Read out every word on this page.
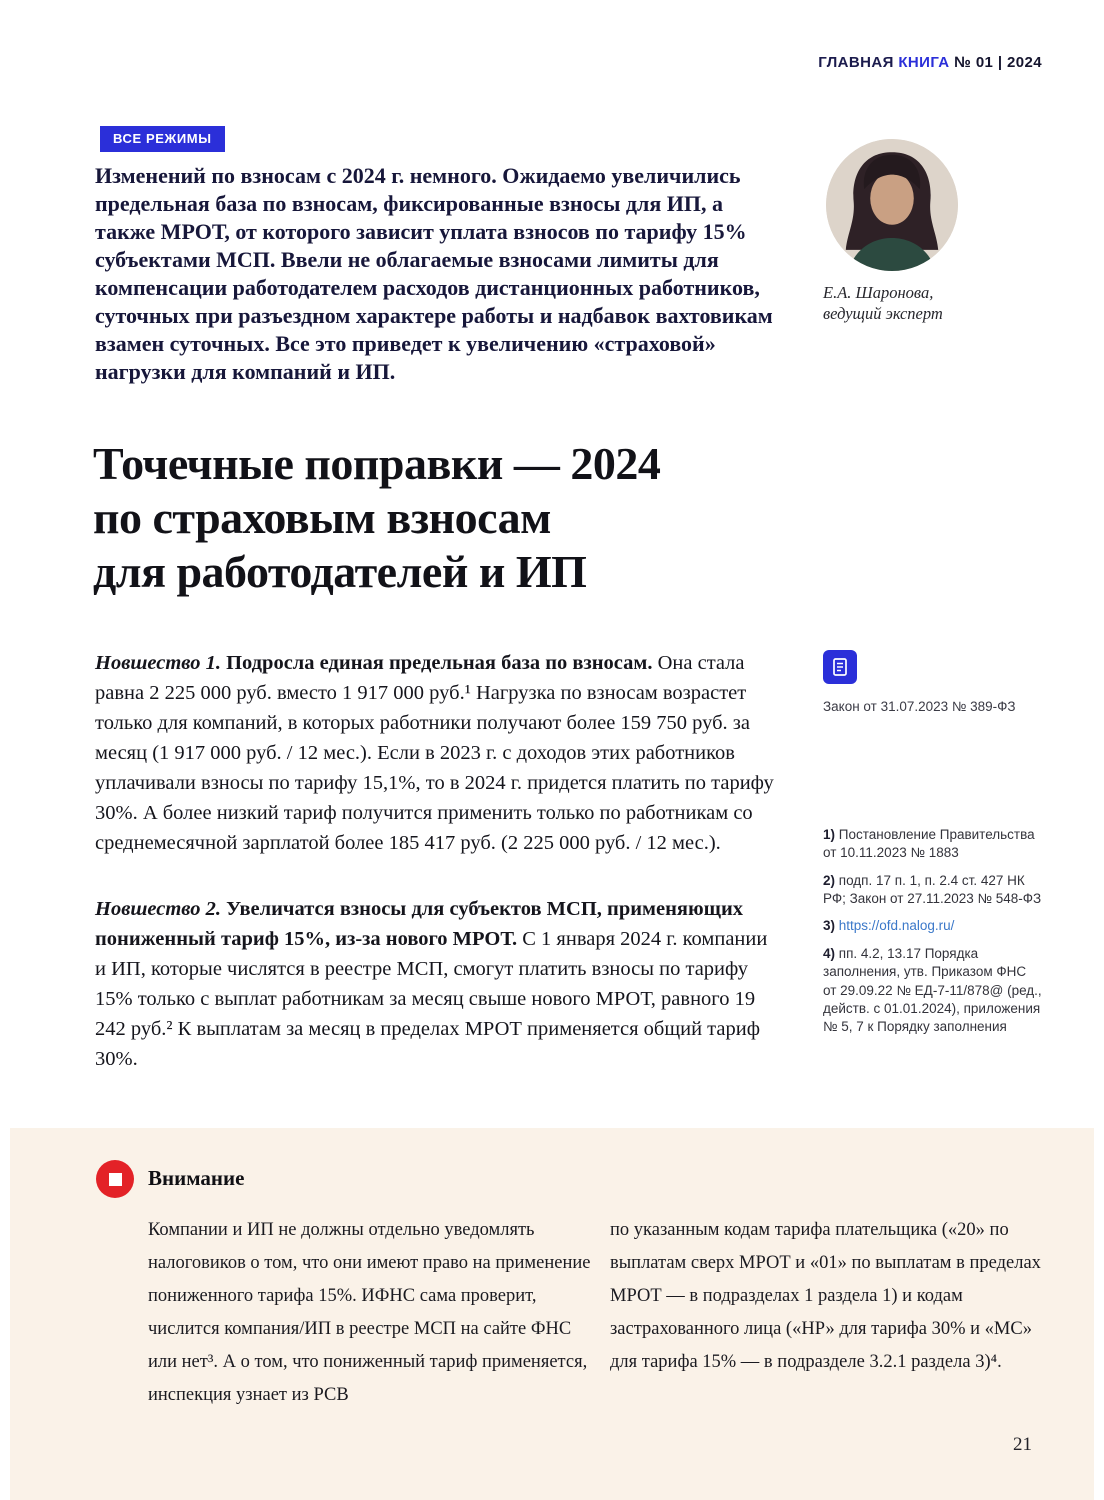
ГЛАВНАЯ КНИГА № 01 | 2024
ВСЕ РЕЖИМЫ

Изменений по взносам с 2024 г. немного. Ожидаемо увеличились предельная база по взносам, фиксированные взносы для ИП, а также МРОТ, от которого зависит уплата взносов по тарифу 15% субъектами МСП. Ввели не облагаемые взносами лимиты для компенсации работодателем расходов дистанционных работников, суточных при разъездном характере работы и надбавок вахтовикам взамен суточных. Все это приведет к увеличению «страховой» нагрузки для компаний и ИП.

Е.А. Шаронова,
ведущий эксперт
Точечные поправки — 2024
по страховым взносам
для работодателей и ИП

Новшество 1. Подросла единая предельная база по взносам. Она стала равна 2 225 000 руб. вместо 1 917 000 руб.¹ Нагрузка по взносам возрастет только для компаний, в которых работники получают более 159 750 руб. за месяц (1 917 000 руб. / 12 мес.). Если в 2023 г. с доходов этих работников уплачивали взносы по тарифу 15,1%, то в 2024 г. придется платить по тарифу 30%. А более низкий тариф получится применить только по работникам со среднемесячной зарплатой более 185 417 руб. (2 225 000 руб. / 12 мес.).

Новшество 2. Увеличатся взносы для субъектов МСП, применяющих пониженный тариф 15%, из-за нового МРОТ. С 1 января 2024 г. компании и ИП, которые числятся в реестре МСП, смогут платить взносы по тарифу 15% только с выплат работникам за месяц свыше нового МРОТ, равного 19 242 руб.² К выплатам за месяц в пределах МРОТ применяется общий тариф 30%.

Закон от 31.07.2023 № 389-ФЗ
1) Постановление Правительства от 10.11.2023 № 1883
2) подп. 17 п. 1, п. 2.4 ст. 427 НК РФ; Закон от 27.11.2023 № 548-ФЗ
3) https://ofd.nalog.ru/
4) пп. 4.2, 13.17 Порядка заполнения, утв. Приказом ФНС от 29.09.22 № ЕД-7-11/878@ (ред., действ. с 01.01.2024), приложения № 5, 7 к Порядку заполнения
Внимание

Компании и ИП не должны отдельно уведомлять налоговиков о том, что они имеют право на применение пониженного тарифа 15%. ИФНС сама проверит, числится компания/ИП в реестре МСП на сайте ФНС или нет³. А о том, что пониженный тариф применяется, инспекция узнает из РСВ

по указанным кодам тарифа плательщика («20» по выплатам сверх МРОТ и «01» по выплатам в пределах МРОТ — в подразделах 1 раздела 1) и кодам застрахованного лица («НР» для тарифа 30% и «МС» для тарифа 15% — в подразделе 3.2.1 раздела 3)⁴.

21
